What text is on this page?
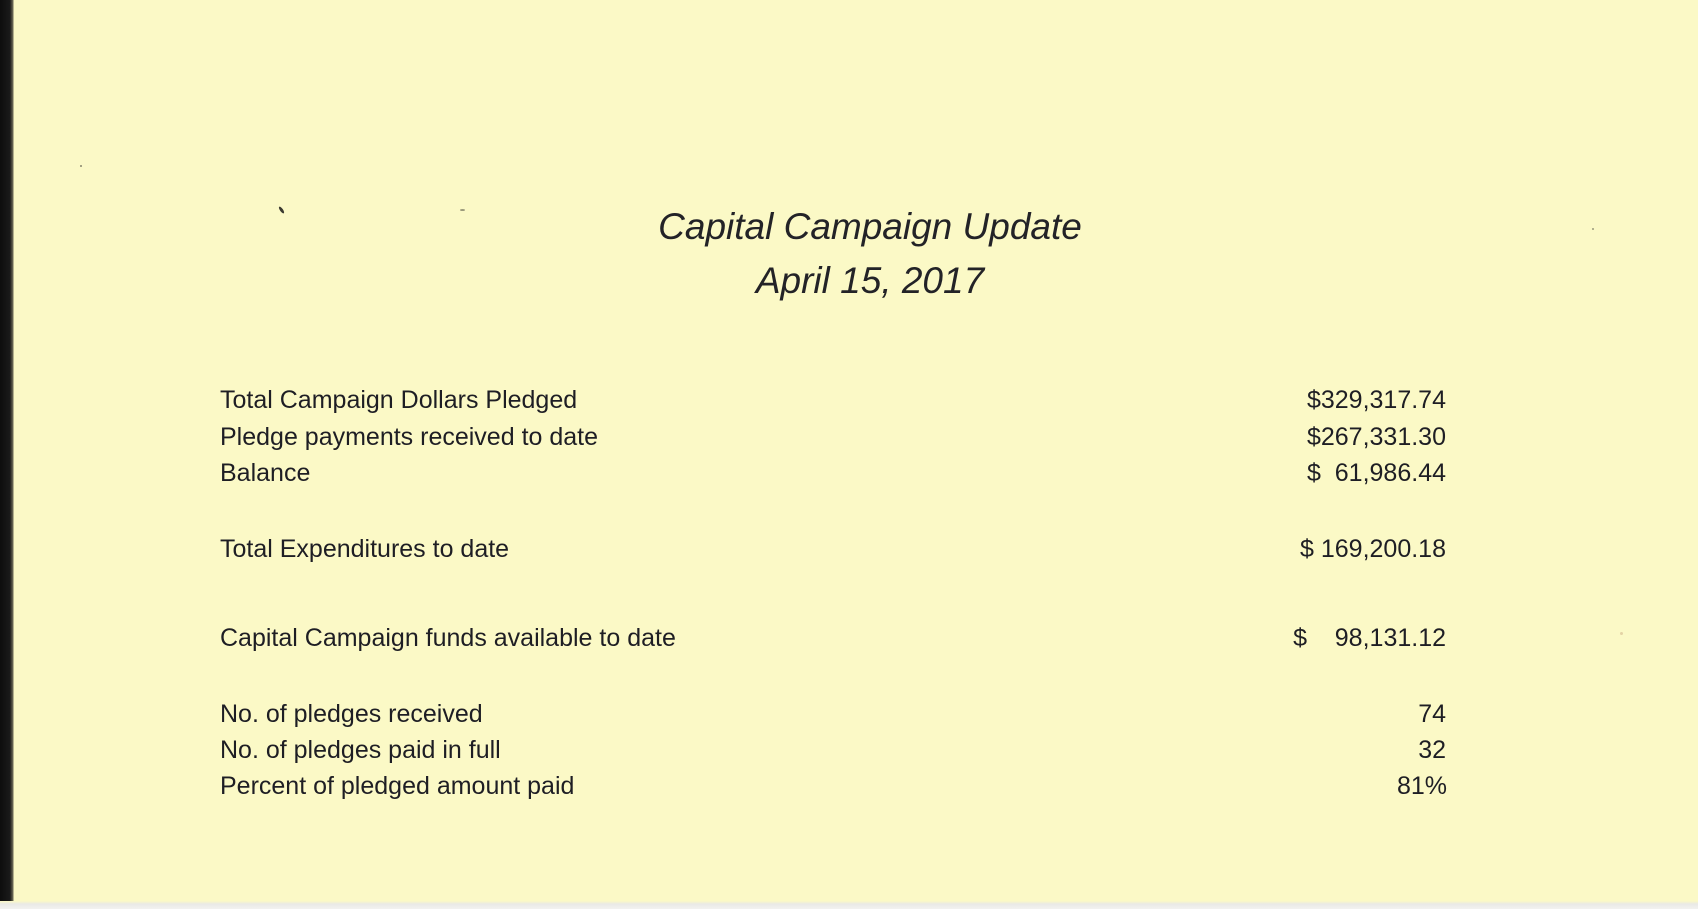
Capital Campaign Update
April 15, 2017
Total Campaign Dollars Pledged	$329,317.74
Pledge payments received to date	$267,331.30
Balance	$  61,986.44
Total Expenditures to date	$ 169,200.18
Capital Campaign funds available to date	$    98,131.12
No. of pledges received	74
No. of pledges paid in full	32
Percent of pledged amount paid	81%
